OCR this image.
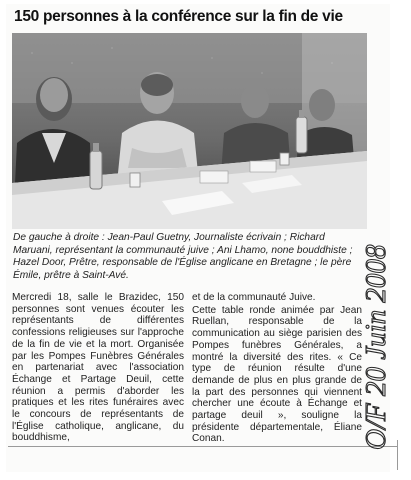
150 personnes à la conférence sur la fin de vie
De gauche à droite : Jean-Paul Guetny, Journaliste écrivain ; Richard Maruani, représentant la communauté juive ; Ani Lhamo, none bouddhiste ; Hazel Door, Prêtre, responsable de l'Église anglicane en Bretagne ; le père Émile, prêtre à Saint-Avé.

Mercredi 18, salle le Brazidec, 150 personnes sont venues écouter les représentants de différentes confessions religieuses sur l'approche de la fin de vie et la mort. Organisée par les Pompes Funèbres Générales en partenariat avec l'association Échange et Partage Deuil, cette réunion a permis d'aborder les pratiques et les rites funéraires avec le concours de représentants de l'Église catholique, anglicane, du bouddhisme,

et de la communauté Juive.

Cette table ronde animée par Jean Ruellan, responsable de la communication au siège parisien des Pompes funèbres Générales, a montré la diversité des rites. « Ce type de réunion résulte d'une demande de plus en plus grande de la part des personnes qui viennent chercher une écoute à Échange et partage deuil », souligne la présidente départementale, Éliane Conan.	O/F 20 Juin 2008
